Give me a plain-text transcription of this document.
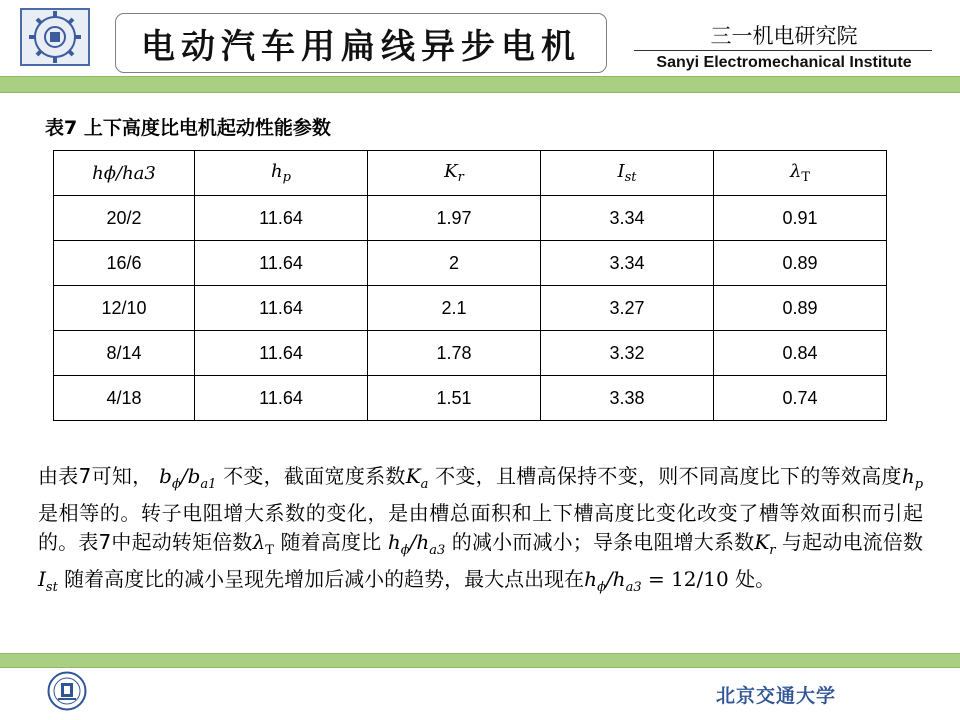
电动汽车用扁线异步电机	三一机电研究院
Sanyi Electromechanical Institute
表7 上下高度比电机起动性能参数
hϕ/ha3	$h_p$	$K_r$	$I_{st}$	$\lambda_T$
20/2	11.64	1.97	3.34	0.91
16/6	11.64	2	3.34	0.89
12/10	11.64	2.1	3.27	0.89
8/14	11.64	1.78	3.32	0.84
4/18	11.64	1.51	3.38	0.74
由表7可知， $b_\phi/b_{a1}$ 不变，截面宽度系数$K_a$ 不变，且槽高保持不变，则不同高度比下的等效高度$h_p$ 是相等的。转子电阻增大系数的变化，是由槽总面积和上下槽高度比变化改变了槽等效面积而引起的。表7中起动转矩倍数$\lambda_T$ 随着高度比 $h_\phi/h_{a3}$ 的减小而减小；导条电阻增大系数$K_r$ 与起动电流倍数$I_{st}$ 随着高度比的减小呈现先增加后减小的趋势，最大点出现在$h_\phi/h_{a3} = 12/10$ 处。
北京交通大学
